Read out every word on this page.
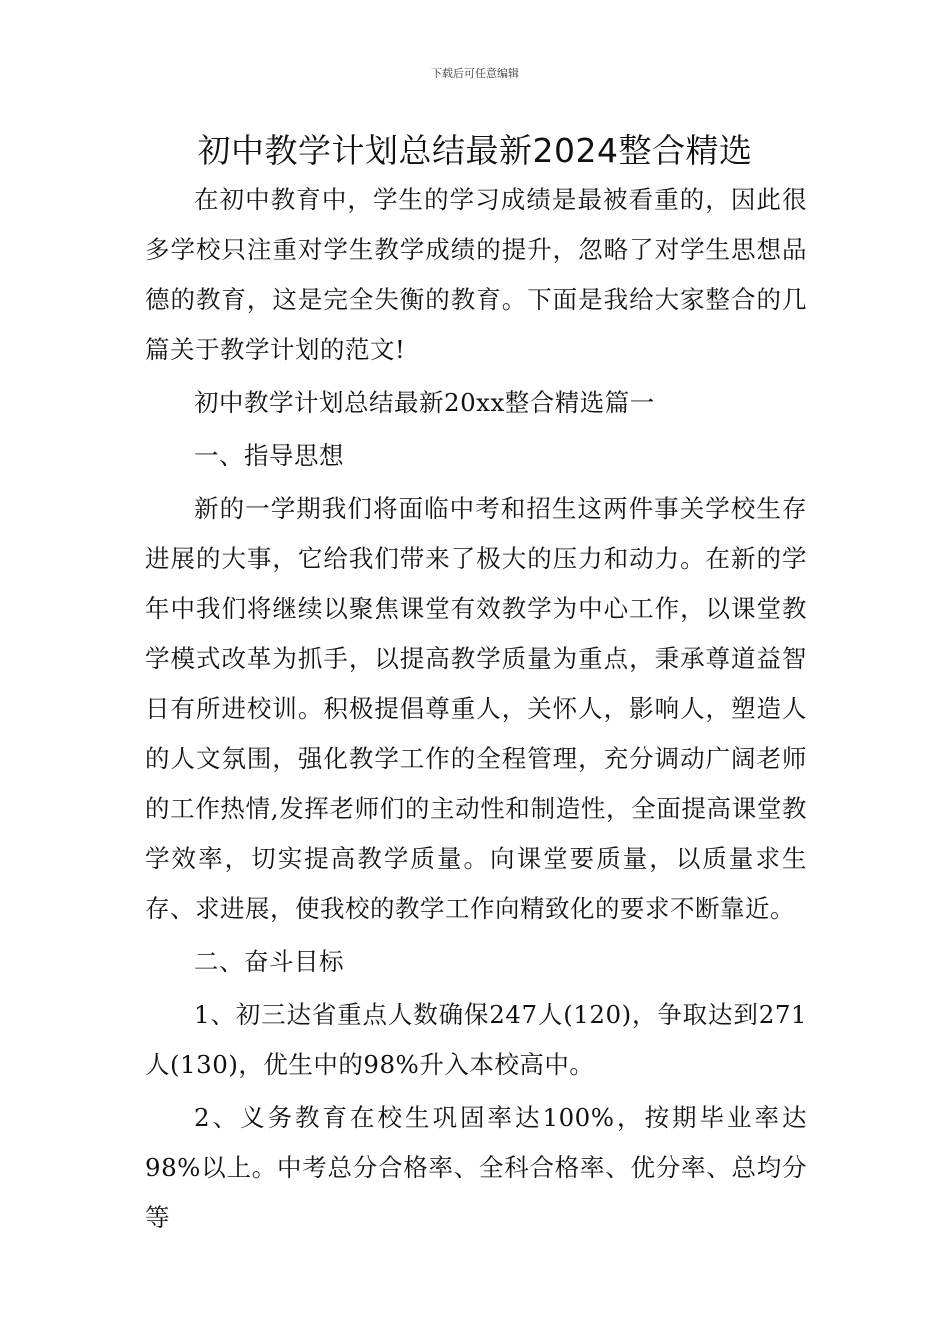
下载后可任意编辑
初中教学计划总结最新2024整合精选

在初中教育中，学生的学习成绩是最被看重的，因此很多学校只注重对学生教学成绩的提升，忽略了对学生思想品德的教育，这是完全失衡的教育。下面是我给大家整合的几篇关于教学计划的范文!

初中教学计划总结最新20xx整合精选篇一

一、指导思想

新的一学期我们将面临中考和招生这两件事关学校生存进展的大事，它给我们带来了极大的压力和动力。在新的学年中我们将继续以聚焦课堂有效教学为中心工作，以课堂教学模式改革为抓手，以提高教学质量为重点，秉承尊道益智日有所进校训。积极提倡尊重人，关怀人，影响人，塑造人的人文氛围，强化教学工作的全程管理，充分调动广阔老师的工作热情,发挥老师们的主动性和制造性，全面提高课堂教学效率，切实提高教学质量。向课堂要质量，以质量求生存、求进展，使我校的教学工作向精致化的要求不断靠近。

二、奋斗目标

1、初三达省重点人数确保247人(120)，争取达到271人(130)，优生中的98%升入本校高中。

2、义务教育在校生巩固率达100%，按期毕业率达98%以上。中考总分合格率、全科合格率、优分率、总均分等
